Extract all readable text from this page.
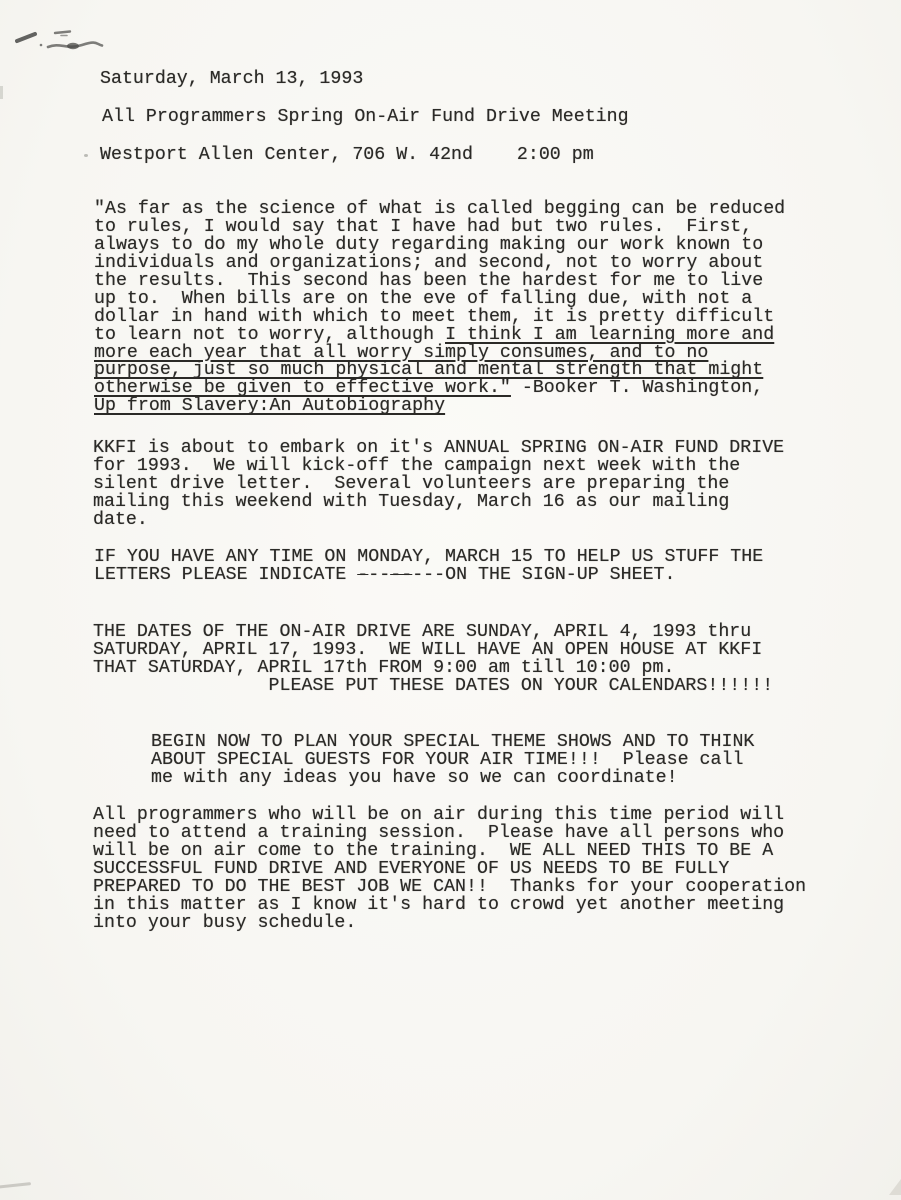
Saturday, March 13, 1993
All Programmers Spring On-Air Fund Drive Meeting
Westport Allen Center, 706 W. 42nd    2:00 pm
"As far as the science of what is called begging can be reduced
to rules, I would say that I have had but two rules.  First,
always to do my whole duty regarding making our work known to
individuals and organizations; and second, not to worry about
the results.  This second has been the hardest for me to live
up to.  When bills are on the eve of falling due, with not a
dollar in hand with which to meet them, it is pretty difficult
to learn not to worry, although I think I am learning more and
more each year that all worry simply consumes, and to no
purpose, just so much physical and mental strength that might
otherwise be given to effective work." -Booker T. Washington,
Up from Slavery:An Autobiography
KKFI is about to embark on it's ANNUAL SPRING ON-AIR FUND DRIVE
for 1993.  We will kick-off the campaign next week with the
silent drive letter.  Several volunteers are preparing the
mailing this weekend with Tuesday, March 16 as our mailing
date.
IF YOU HAVE ANY TIME ON MONDAY, MARCH 15 TO HELP US STUFF THE
LETTERS PLEASE INDICATE --------ON THE SIGN-UP SHEET.
THE DATES OF THE ON-AIR DRIVE ARE SUNDAY, APRIL 4, 1993 thru
SATURDAY, APRIL 17, 1993.  WE WILL HAVE AN OPEN HOUSE AT KKFI
THAT SATURDAY, APRIL 17th FROM 9:00 am till 10:00 pm.
PLEASE PUT THESE DATES ON YOUR CALENDARS!!!!!!
BEGIN NOW TO PLAN YOUR SPECIAL THEME SHOWS AND TO THINK
ABOUT SPECIAL GUESTS FOR YOUR AIR TIME!!!  Please call
me with any ideas you have so we can coordinate!
All programmers who will be on air during this time period will
need to attend a training session.  Please have all persons who
will be on air come to the training.  WE ALL NEED THIS TO BE A
SUCCESSFUL FUND DRIVE AND EVERYONE OF US NEEDS TO BE FULLY
PREPARED TO DO THE BEST JOB WE CAN!!  Thanks for your cooperation
in this matter as I know it's hard to crowd yet another meeting
into your busy schedule.
